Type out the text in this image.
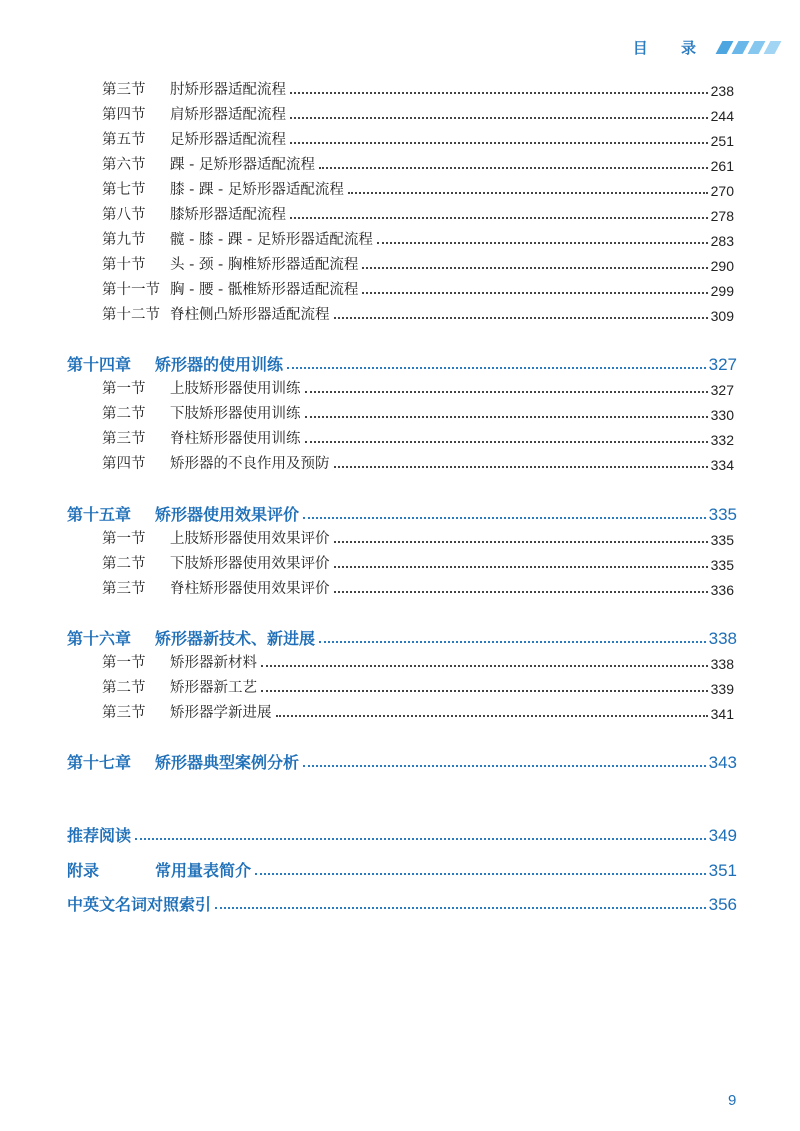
目 录
第三节	肘矫形器适配流程	238
第四节	肩矫形器适配流程	244
第五节	足矫形器适配流程	251
第六节	踝 - 足矫形器适配流程	261
第七节	膝 - 踝 - 足矫形器适配流程	270
第八节	膝矫形器适配流程	278
第九节	髋 - 膝 - 踝 - 足矫形器适配流程	283
第十节	头 - 颈 - 胸椎矫形器适配流程	290
第十一节 胸 - 腰 - 骶椎矫形器适配流程	299
第十二节 脊柱侧凸矫形器适配流程	309
第十四章	矫形器的使用训练	327
第一节	上肢矫形器使用训练	327
第二节	下肢矫形器使用训练	330
第三节	脊柱矫形器使用训练	332
第四节	矫形器的不良作用及预防	334
第十五章	矫形器使用效果评价	335
第一节	上肢矫形器使用效果评价	335
第二节	下肢矫形器使用效果评价	335
第三节	脊柱矫形器使用效果评价	336
第十六章	矫形器新技术、新进展	338
第一节	矫形器新材料	338
第二节	矫形器新工艺	339
第三节	矫形器学新进展	341
第十七章	矫形器典型案例分析	343
推荐阅读	349
附录	常用量表简介	351
中英文名词对照索引	356
9
